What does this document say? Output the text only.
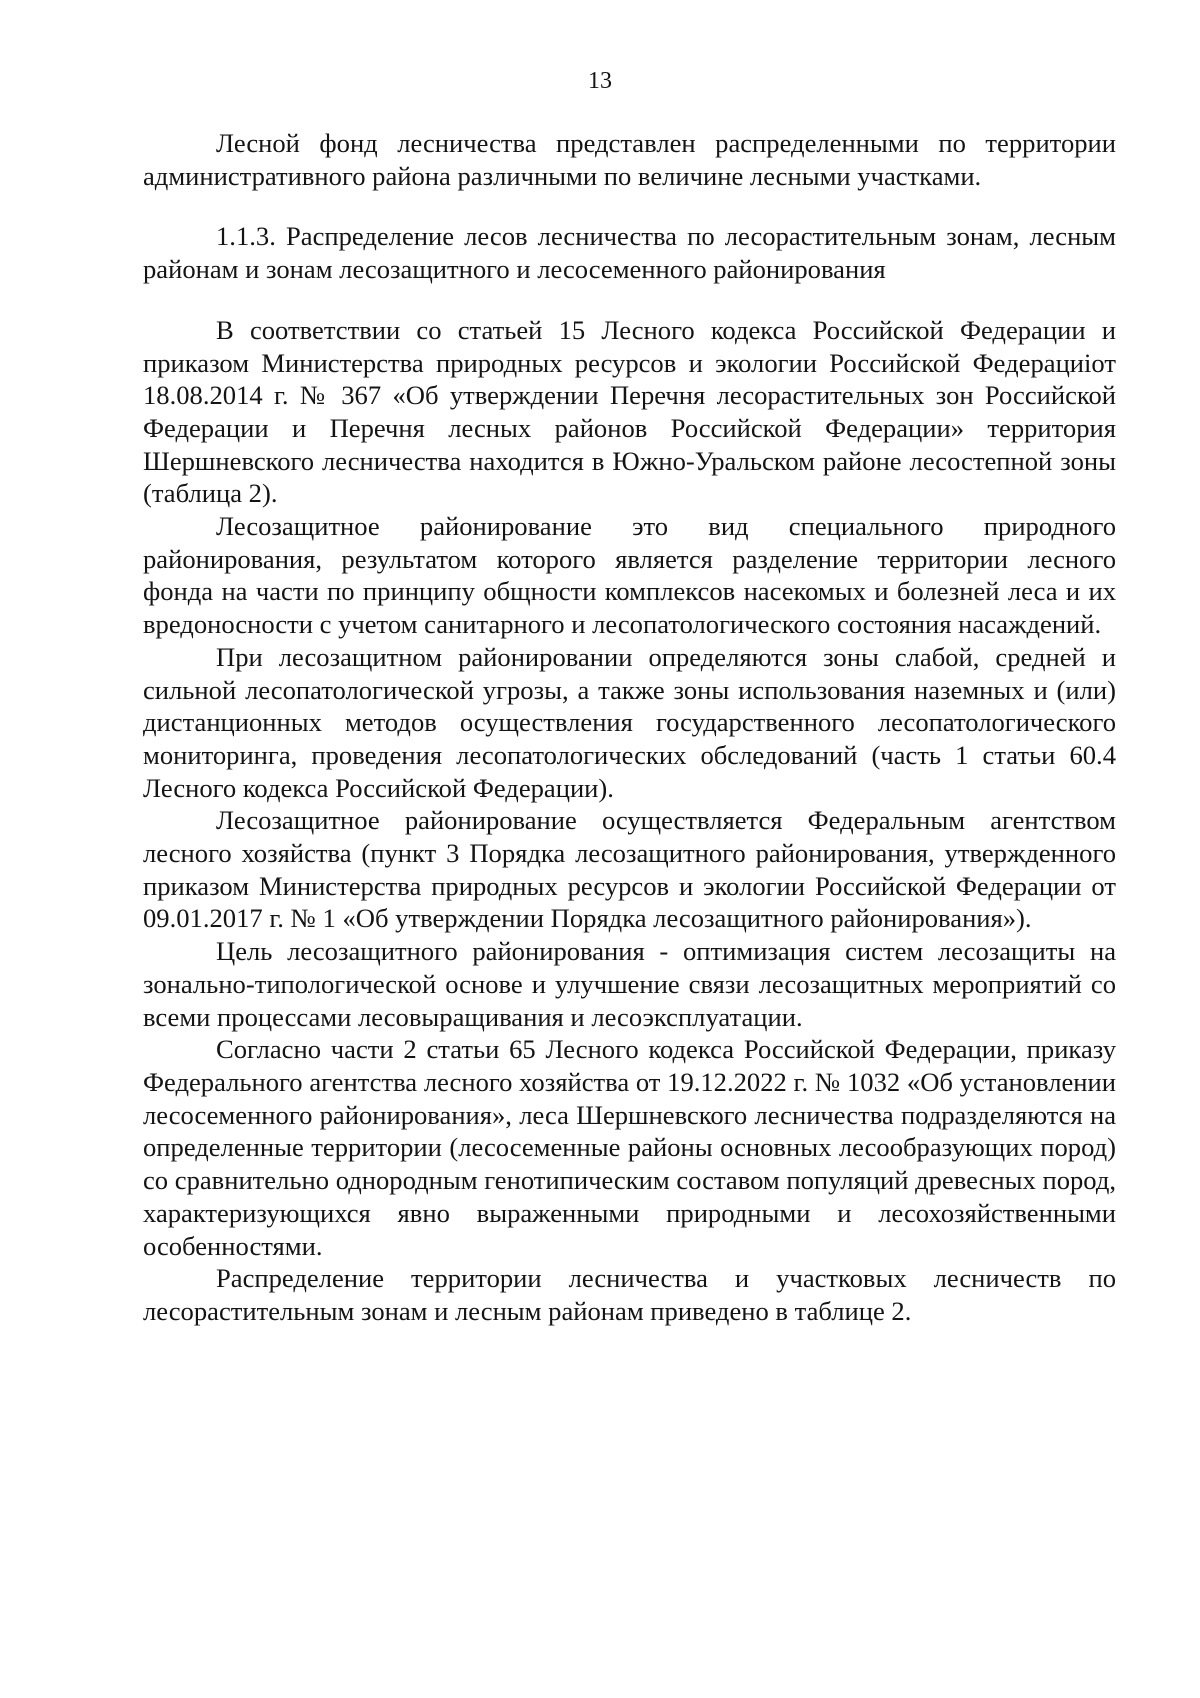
13

Лесной фонд лесничества представлен распределенными по территории административного района различными по величине лесными участками.

1.1.3. Распределение лесов лесничества по лесорастительным зонам, лесным районам и зонам лесозащитного и лесосеменного районирования

В соответствии со статьей 15 Лесного кодекса Российской Федерации и приказом Министерства природных ресурсов и экологии Российской Федерациiот 18.08.2014 г. № 367 «Об утверждении Перечня лесорастительных зон Российской Федерации и Перечня лесных районов Российской Федерации» территория Шершневского лесничества находится в Южно-Уральском районе лесостепной зоны (таблица 2).

Лесозащитное районирование это вид специального природного районирования, результатом которого является разделение территории лесного фонда на части по принципу общности комплексов насекомых и болезней леса и их вредоносности с учетом санитарного и лесопатологического состояния насаждений.

При лесозащитном районировании определяются зоны слабой, средней и сильной лесопатологической угрозы, а также зоны использования наземных и (или) дистанционных методов осуществления государственного лесопатологического мониторинга, проведения лесопатологических обследований (часть 1 статьи 60.4 Лесного кодекса Российской Федерации).

Лесозащитное районирование осуществляется Федеральным агентством лесного хозяйства (пункт 3 Порядка лесозащитного районирования, утвержденного приказом Министерства природных ресурсов и экологии Российской Федерации от 09.01.2017 г. № 1 «Об утверждении Порядка лесозащитного районирования»).

Цель лесозащитного районирования - оптимизация систем лесозащиты на зонально-типологической основе и улучшение связи лесозащитных мероприятий со всеми процессами лесовыращивания и лесоэксплуатации.

Согласно части 2 статьи 65 Лесного кодекса Российской Федерации, приказу Федерального агентства лесного хозяйства от 19.12.2022 г. № 1032 «Об установлении лесосеменного районирования», леса Шершневского лесничества подразделяются на определенные территории (лесосеменные районы основных лесообразующих пород) со сравнительно однородным генотипическим составом популяций древесных пород, характеризующихся явно выраженными природными и лесохозяйственными особенностями.

Распределение территории лесничества и участковых лесничеств по лесорастительным зонам и лесным районам приведено в таблице 2.
